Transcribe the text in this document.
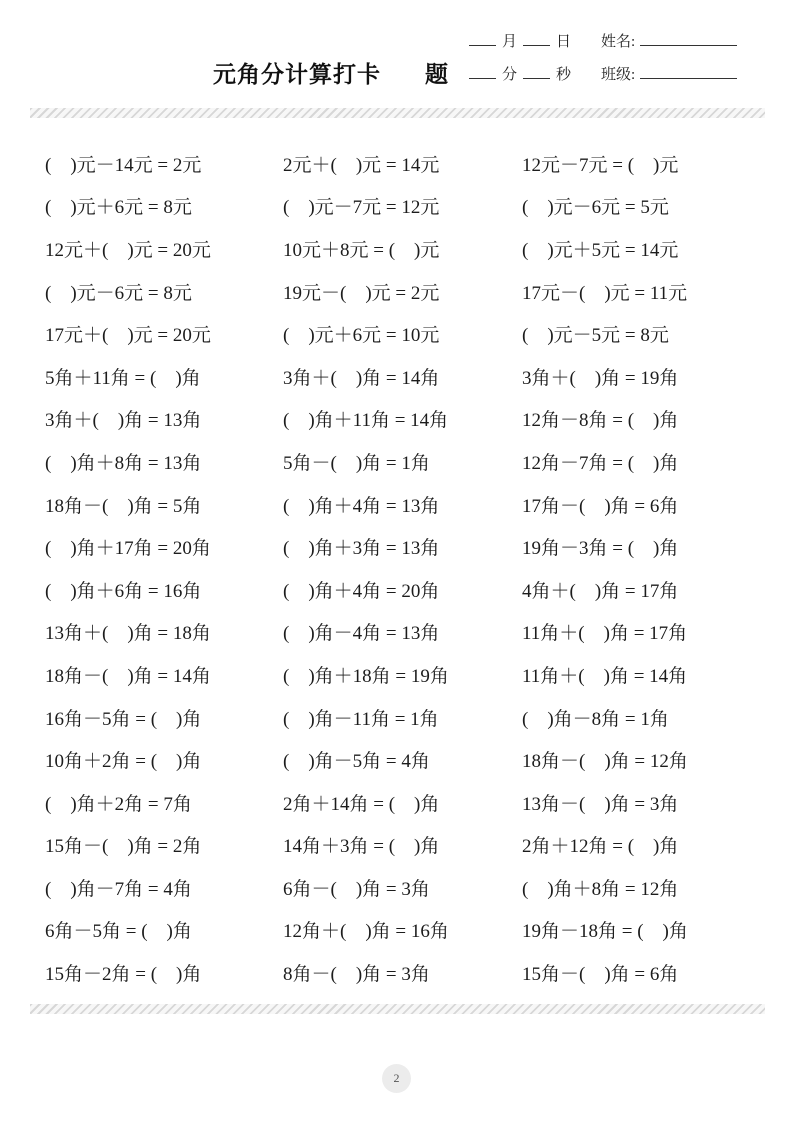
元角分计算打卡 题
月	日 姓名:
分	秒 班级:
(　)元－14元 = 2元
(　)元＋6元 = 8元
12元＋(　)元 = 20元
(　)元－6元 = 8元
17元＋(　)元 = 20元
5角＋11角 = (　)角
3角＋(　)角 = 13角
(　)角＋8角 = 13角
18角－(　)角 = 5角
(　)角＋17角 = 20角
(　)角＋6角 = 16角
13角＋(　)角 = 18角
18角－(　)角 = 14角
16角－5角 = (　)角
10角＋2角 = (　)角
(　)角＋2角 = 7角
15角－(　)角 = 2角
(　)角－7角 = 4角
6角－5角 = (　)角
15角－2角 = (　)角
2元＋(　)元 = 14元
(　)元－7元 = 12元
10元＋8元 = (　)元
19元－(　)元 = 2元
(　)元＋6元 = 10元
3角＋(　)角 = 14角
(　)角＋11角 = 14角
5角－(　)角 = 1角
(　)角＋4角 = 13角
(　)角＋3角 = 13角
(　)角＋4角 = 20角
(　)角－4角 = 13角
(　)角＋18角 = 19角
(　)角－11角 = 1角
(　)角－5角 = 4角
2角＋14角 = (　)角
14角＋3角 = (　)角
6角－(　)角 = 3角
12角＋(　)角 = 16角
8角－(　)角 = 3角
12元－7元 = (　)元
(　)元－6元 = 5元
(　)元＋5元 = 14元
17元－(　)元 = 11元
(　)元－5元 = 8元
3角＋(　)角 = 19角
12角－8角 = (　)角
12角－7角 = (　)角
17角－(　)角 = 6角
19角－3角 = (　)角
4角＋(　)角 = 17角
11角＋(　)角 = 17角
11角＋(　)角 = 14角
(　)角－8角 = 1角
18角－(　)角 = 12角
13角－(　)角 = 3角
2角＋12角 = (　)角
(　)角＋8角 = 12角
19角－18角 = (　)角
15角－(　)角 = 6角
2
